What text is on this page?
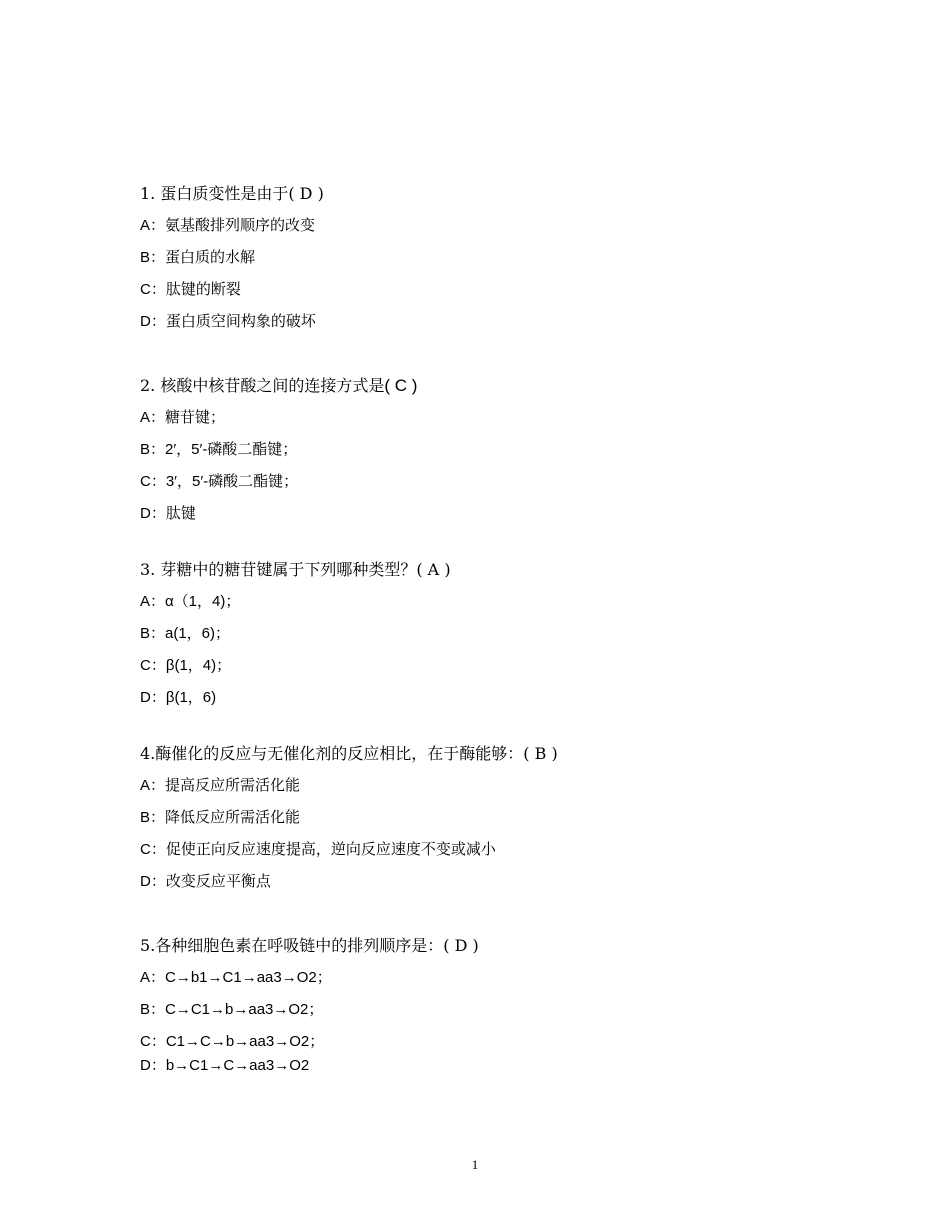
1. 蛋白质变性是由于( D )
A：氨基酸排列顺序的改变
B：蛋白质的水解
C：肽键的断裂
D：蛋白质空间构象的破坏
2. 核酸中核苷酸之间的连接方式是( C )
A：糖苷键；
B：2′，5′-磷酸二酯键；
C：3′，5′-磷酸二酯键；
D：肽键
3. 芽糖中的糖苷键属于下列哪种类型？( A )
A：α（1，4)；
B：a(1，6)；
C：β(1，4)；
D：β(1，6)
4.酶催化的反应与无催化剂的反应相比，在于酶能够：( B )
A：提高反应所需活化能
B：降低反应所需活化能
C：促使正向反应速度提高，逆向反应速度不变或减小
D：改变反应平衡点
5.各种细胞色素在呼吸链中的排列顺序是：( D )
A：C→b1→C1→aa3→O2；
B：C→C1→b→aa3→O2；
C：C1→C→b→aa3→O2；
D：b→C1→C→aa3→O2
1
